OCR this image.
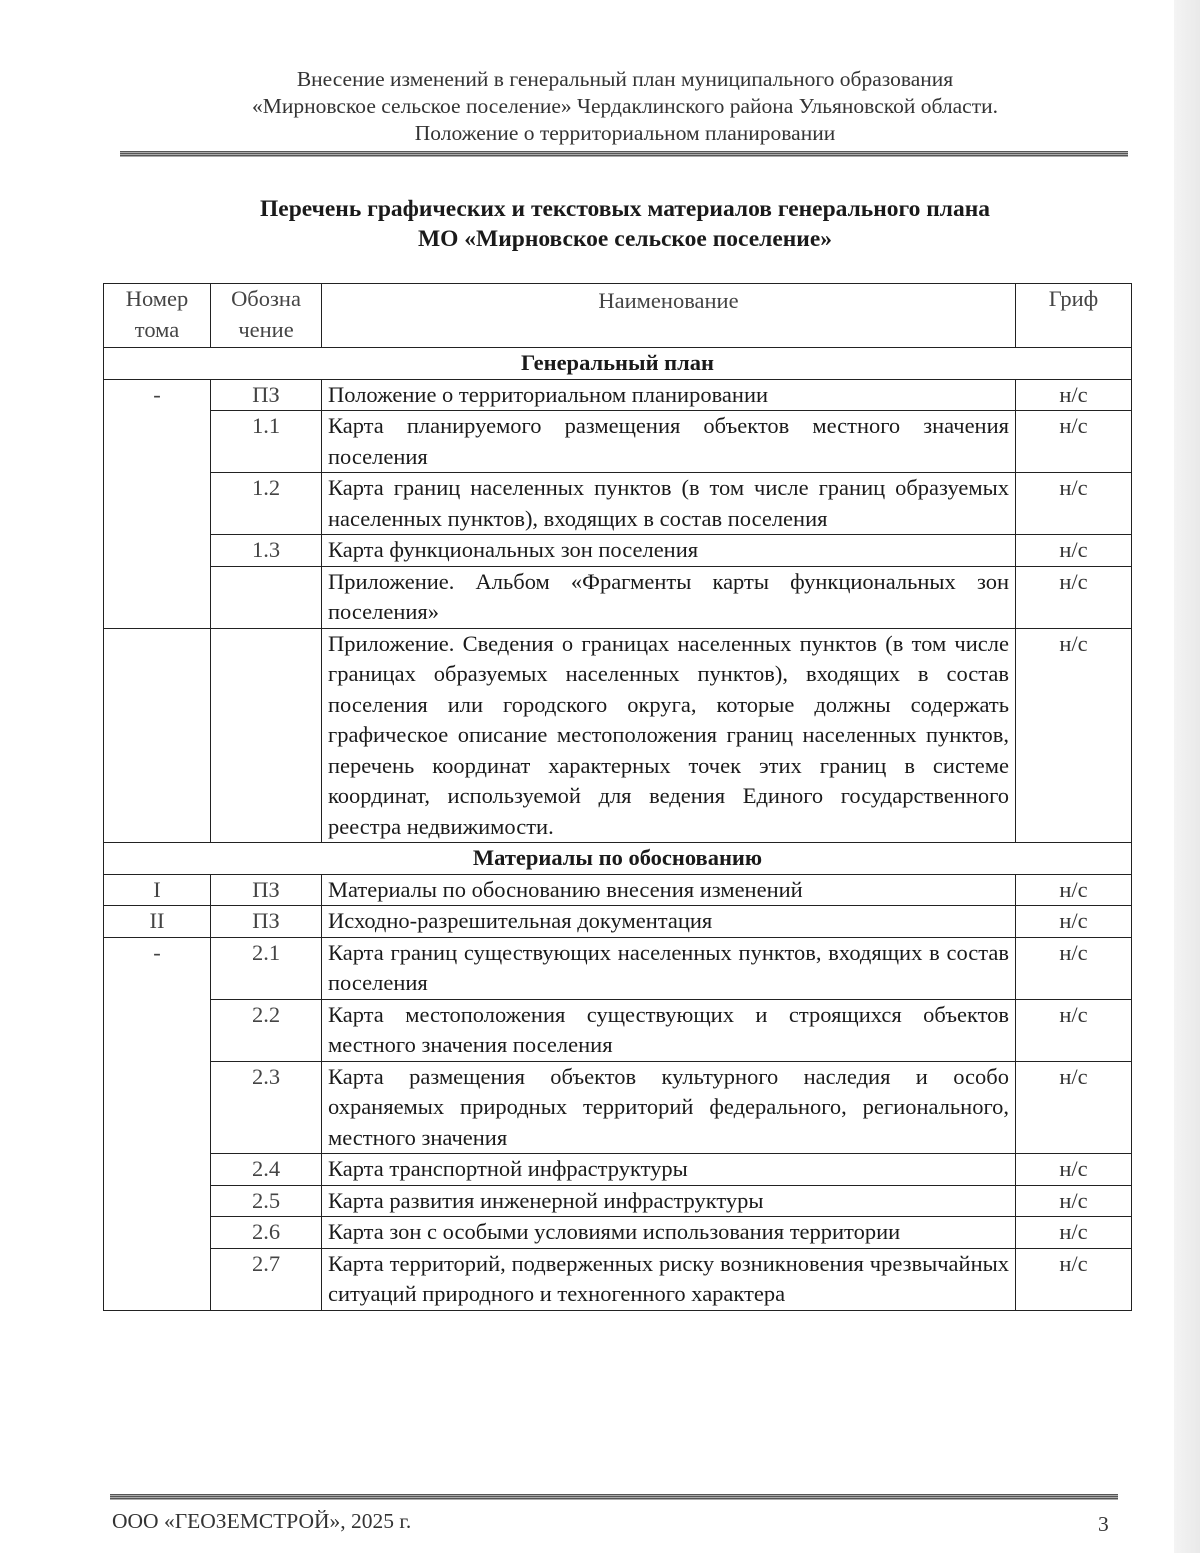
Внесение изменений в генеральный план муниципального образования
«Мирновское сельское поселение» Чердаклинского района Ульяновской области.
Положение о территориальном планировании
Перечень графических и текстовых материалов генерального плана
МО «Мирновское сельское поселение»
Номер тома	Обозна чение	Наименование	Гриф
Генеральный план			
-	ПЗ	Положение о территориальном планировании	н/с
	1.1	Карта планируемого размещения объектов местного значения поселения	н/с
	1.2	Карта границ населенных пунктов (в том числе границ образуемых населенных пунктов), входящих в состав поселения	н/с
	1.3	Карта функциональных зон поселения	н/с
		Приложение. Альбом «Фрагменты карты функциональных зон поселения»	н/с
		Приложение. Сведения о границах населенных пунктов (в том числе границах образуемых населенных пунктов), входящих в состав поселения или городского округа, которые должны содержать графическое описание местоположения границ населенных пунктов, перечень координат характерных точек этих границ в системе координат, используемой для ведения Единого государственного реестра недвижимости.	н/с
Материалы по обоснованию			
I	ПЗ	Материалы по обоснованию внесения изменений	н/с
II	ПЗ	Исходно-разрешительная документация	н/с
-	2.1	Карта границ существующих населенных пунктов, входящих в состав поселения	н/с
	2.2	Карта местоположения существующих и строящихся объектов местного значения поселения	н/с
	2.3	Карта размещения объектов культурного наследия и особо охраняемых природных территорий федерального, регионального, местного значения	н/с
	2.4	Карта транспортной инфраструктуры	н/с
	2.5	Карта развития инженерной инфраструктуры	н/с
	2.6	Карта зон с особыми условиями использования территории	н/с
	2.7	Карта территорий, подверженных риску возникновения чрезвычайных ситуаций природного и техногенного характера	н/с
ООО «ГЕОЗЕМСТРОЙ», 2025 г.	3
